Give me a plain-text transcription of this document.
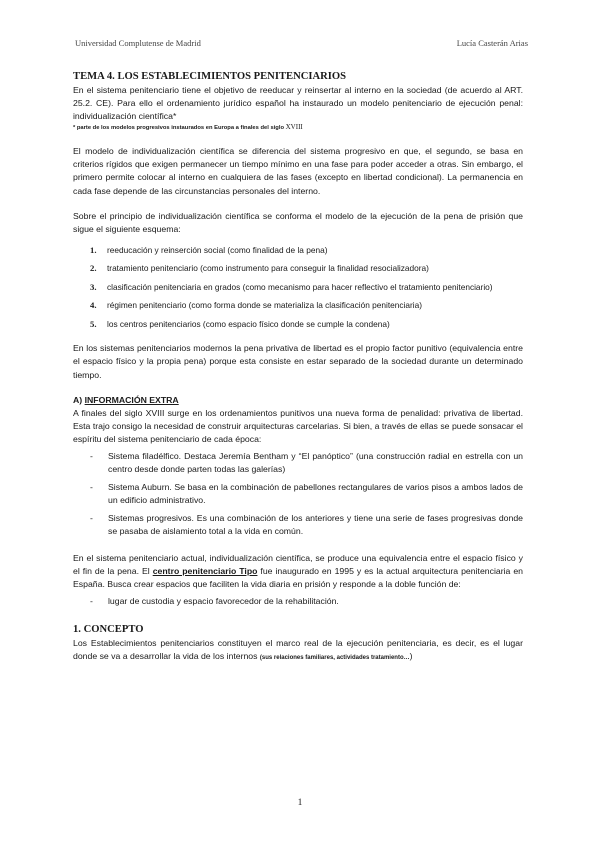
Universidad Complutense de Madrid	Lucía Casterán Arias
TEMA 4. LOS ESTABLECIMIENTOS PENITENCIARIOS

En el sistema penitenciario tiene el objetivo de reeducar y reinsertar al interno en la sociedad (de acuerdo al ART. 25.2. CE). Para ello el ordenamiento jurídico español ha instaurado un modelo penitenciario de ejecución penal: individualización científica*

* parte de los modelos progresivos instaurados en Europa a finales del siglo XVIII

El modelo de individualización científica se diferencia del sistema progresivo en que, el segundo, se basa en criterios rígidos que exigen permanecer un tiempo mínimo en una fase para poder acceder a otras. Sin embargo, el primero permite colocar al interno en cualquiera de las fases (excepto en libertad condicional). La permanencia en cada fase depende de las circunstancias personales del interno.

Sobre el principio de individualización científica se conforma el modelo de la ejecución de la pena de prisión que sigue el siguiente esquema:

1. reeducación y reinserción social (como finalidad de la pena)
2. tratamiento penitenciario (como instrumento para conseguir la finalidad resocializadora)
3. clasificación penitenciaria en grados (como mecanismo para hacer reflectivo el tratamiento penitenciario)
4. régimen penitenciario (como forma donde se materializa la clasificación penitenciaria)
5. los centros penitenciarios (como espacio físico donde se cumple la condena)

En los sistemas penitenciarios modernos la pena privativa de libertad es el propio factor punitivo (equivalencia entre el espacio físico y la propia pena) porque esta consiste en estar separado de la sociedad durante un determinado tiempo.

A) INFORMACIÓN EXTRA

A finales del siglo XVIII surge en los ordenamientos punitivos una nueva forma de penalidad: privativa de libertad. Esta trajo consigo la necesidad de construir arquitecturas carcelarias. Si bien, a través de ellas se puede sonsacar el espíritu del sistema penitenciario de cada época:

- Sistema filadélfico. Destaca Jeremía Bentham y “El panóptico” (una construcción radial en estrella con un centro desde donde parten todas las galerías)
- Sistema Auburn. Se basa en la combinación de pabellones rectangulares de varios pisos a ambos lados de un edificio administrativo.
- Sistemas progresivos. Es una combinación de los anteriores y tiene una serie de fases progresivas donde se pasaba de aislamiento total a la vida en común.

En el sistema penitenciario actual, individualización científica, se produce una equivalencia entre el espacio físico y el fin de la pena. El centro penitenciario Tipo fue inaugurado en 1995 y es la actual arquitectura penitenciaria en España. Busca crear espacios que faciliten la vida diaria en prisión y responde a la doble función de:

- lugar de custodia y espacio favorecedor de la rehabilitación.
1. CONCEPTO

Los Establecimientos penitenciarios constituyen el marco real de la ejecución penitenciaria, es decir, es el lugar donde se va a desarrollar la vida de los internos (sus relaciones familiares, actividades tratamiento…)

1
